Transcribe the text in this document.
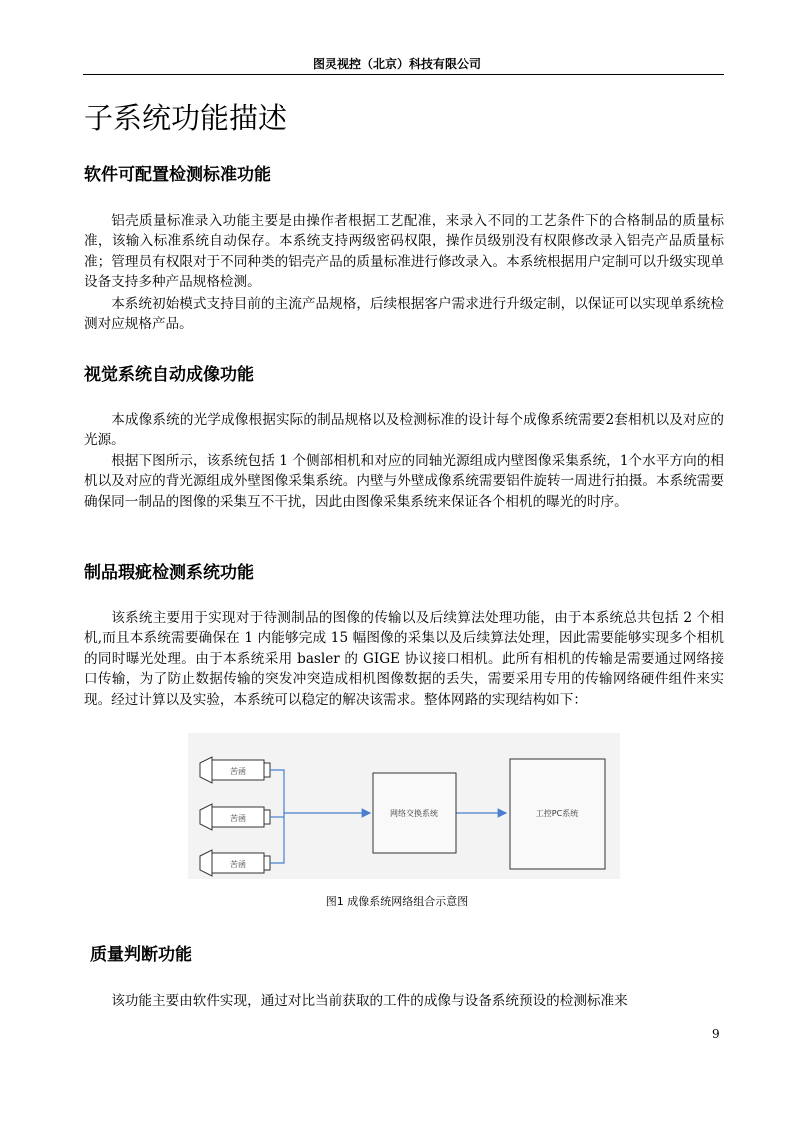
图灵视控（北京）科技有限公司
子系统功能描述
软件可配置检测标准功能

铝壳质量标准录入功能主要是由操作者根据工艺配准，来录入不同的工艺条件下的合格制品的质量标准，该输入标准系统自动保存。本系统支持两级密码权限，操作员级别没有权限修改录入铝壳产品质量标准；管理员有权限对于不同种类的铝壳产品的质量标准进行修改录入。本系统根据用户定制可以升级实现单设备支持多种产品规格检测。

本系统初始模式支持目前的主流产品规格，后续根据客户需求进行升级定制，以保证可以实现单系统检测对应规格产品。

视觉系统自动成像功能

本成像系统的光学成像根据实际的制品规格以及检测标准的设计每个成像系统需要2套相机以及对应的光源。

根据下图所示，该系统包括 1 个侧部相机和对应的同轴光源组成内壁图像采集系统，1个水平方向的相机以及对应的背光源组成外壁图像采集系统。内壁与外壁成像系统需要铝件旋转一周进行拍摄。本系统需要确保同一制品的图像的采集互不干扰，因此由图像采集系统来保证各个相机的曝光的时序。

制品瑕疵检测系统功能

该系统主要用于实现对于待测制品的图像的传输以及后续算法处理功能，由于本系统总共包括 2 个相机,而且本系统需要确保在 1 内能够完成 15 幅图像的采集以及后续算法处理，因此需要能够实现多个相机的同时曝光处理。由于本系统采用 basler 的 GIGE 协议接口相机。此所有相机的传输是需要通过网络接口传输，为了防止数据传输的突发冲突造成相机图像数据的丢失，需要采用专用的传输网络硬件组件来实现。经过计算以及实验，本系统可以稳定的解决该需求。整体网路的实现结构如下：

苦函
苦函
苦函
网络交换系统	工控PC系统
图1 成像系统网络组合示意图
质量判断功能

该功能主要由软件实现，通过对比当前获取的工件的成像与设备系统预设的检测标准来

9
